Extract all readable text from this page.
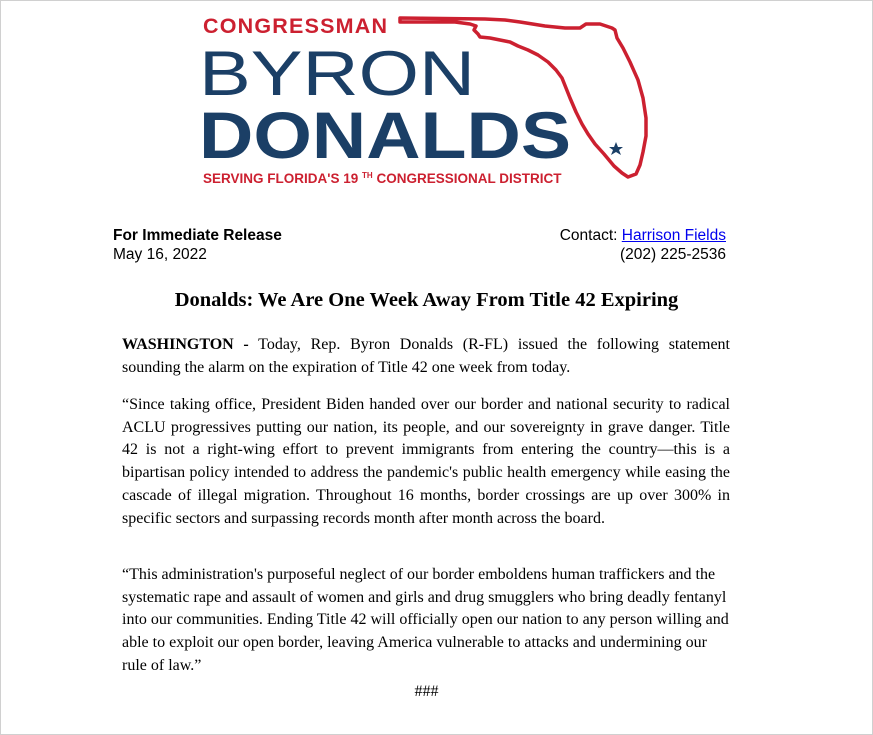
CONGRESSMAN
BYRON
DONALDS
SERVING FLORIDA'S 19 $^{TH}$ CONGRESSIONAL DISTRICT
For Immediate Release
May 16, 2022
Contact: Harrison Fields
(202) 225-2536
Donalds: We Are One Week Away From Title 42 Expiring

WASHINGTON - Today, Rep. Byron Donalds (R-FL) issued the following statement sounding the alarm on the expiration of Title 42 one week from today.

“Since taking office, President Biden handed over our border and national security to radical ACLU progressives putting our nation, its people, and our sovereignty in grave danger. Title 42 is not a right-wing effort to prevent immigrants from entering the country—this is a bipartisan policy intended to address the pandemic's public health emergency while easing the cascade of illegal migration. Throughout 16 months, border crossings are up over 300% in specific sectors and surpassing records month after month across the board.

“This administration's purposeful neglect of our border emboldens human traffickers and the systematic rape and assault of women and girls and drug smugglers who bring deadly fentanyl into our communities. Ending Title 42 will officially open our nation to any person willing and able to exploit our open border, leaving America vulnerable to attacks and undermining our rule of law.”

###
